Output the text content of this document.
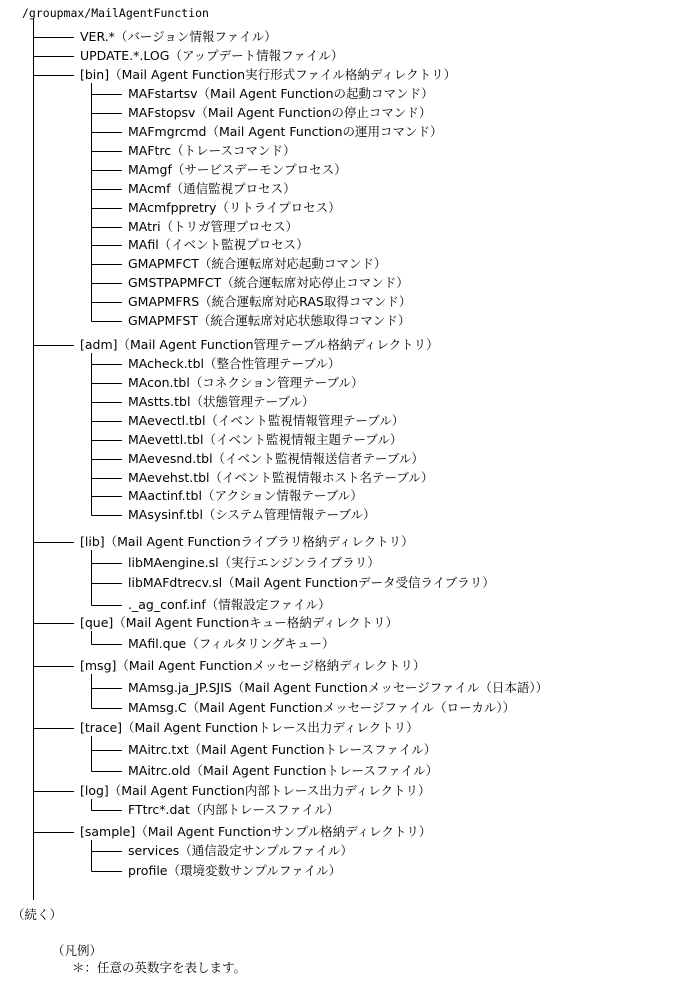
/groupmax/MailAgentFunction
VER.*（バージョン情報ファイル）
UPDATE.*.LOG（アップデート情報ファイル）
[bin]（Mail Agent Function実行形式ファイル格納ディレクトリ）
MAFstartsv（Mail Agent Functionの起動コマンド）
MAFstopsv（Mail Agent Functionの停止コマンド）
MAFmgrcmd（Mail Agent Functionの運用コマンド）
MAFtrc（トレースコマンド）
MAmgf（サービスデーモンプロセス）
MAcmf（通信監視プロセス）
MAcmfppretry（リトライプロセス）
MAtri（トリガ管理プロセス）
MAfil（イベント監視プロセス）
GMAPMFCT（統合運転席対応起動コマンド）
GMSTPAPMFCT（統合運転席対応停止コマンド）
GMAPMFRS（統合運転席対応RAS取得コマンド）
GMAPMFST（統合運転席対応状態取得コマンド）
[adm]（Mail Agent Function管理テーブル格納ディレクトリ）
MAcheck.tbl（整合性管理テーブル）
MAcon.tbl（コネクション管理テーブル）
MAstts.tbl（状態管理テーブル）
MAevectl.tbl（イベント監視情報管理テーブル）
MAevettl.tbl（イベント監視情報主題テーブル）
MAevesnd.tbl（イベント監視情報送信者テーブル）
MAevehst.tbl（イベント監視情報ホスト名テーブル）
MAactinf.tbl（アクション情報テーブル）
MAsysinf.tbl（システム管理情報テーブル）
[lib]（Mail Agent Functionライブラリ格納ディレクトリ）
libMAengine.sl（実行エンジンライブラリ）
libMAFdtrecv.sl（Mail Agent Functionデータ受信ライブラリ）
._ag_conf.inf（情報設定ファイル）
[que]（Mail Agent Functionキュー格納ディレクトリ）
MAfil.que（フィルタリングキュー）
[msg]（Mail Agent Functionメッセージ格納ディレクトリ）
MAmsg.ja_JP.SJIS（Mail Agent Functionメッセージファイル（日本語））
MAmsg.C（Mail Agent Functionメッセージファイル（ローカル））
[trace]（Mail Agent Functionトレース出力ディレクトリ）
MAitrc.txt（Mail Agent Functionトレースファイル）
MAitrc.old（Mail Agent Functionトレースファイル）
[log]（Mail Agent Function内部トレース出力ディレクトリ）
FTtrc*.dat（内部トレースファイル）
[sample]（Mail Agent Functionサンプル格納ディレクトリ）
services（通信設定サンプルファイル）
profile（環境変数サンプルファイル）
（続く）
（凡例）
＊：任意の英数字を表します。
